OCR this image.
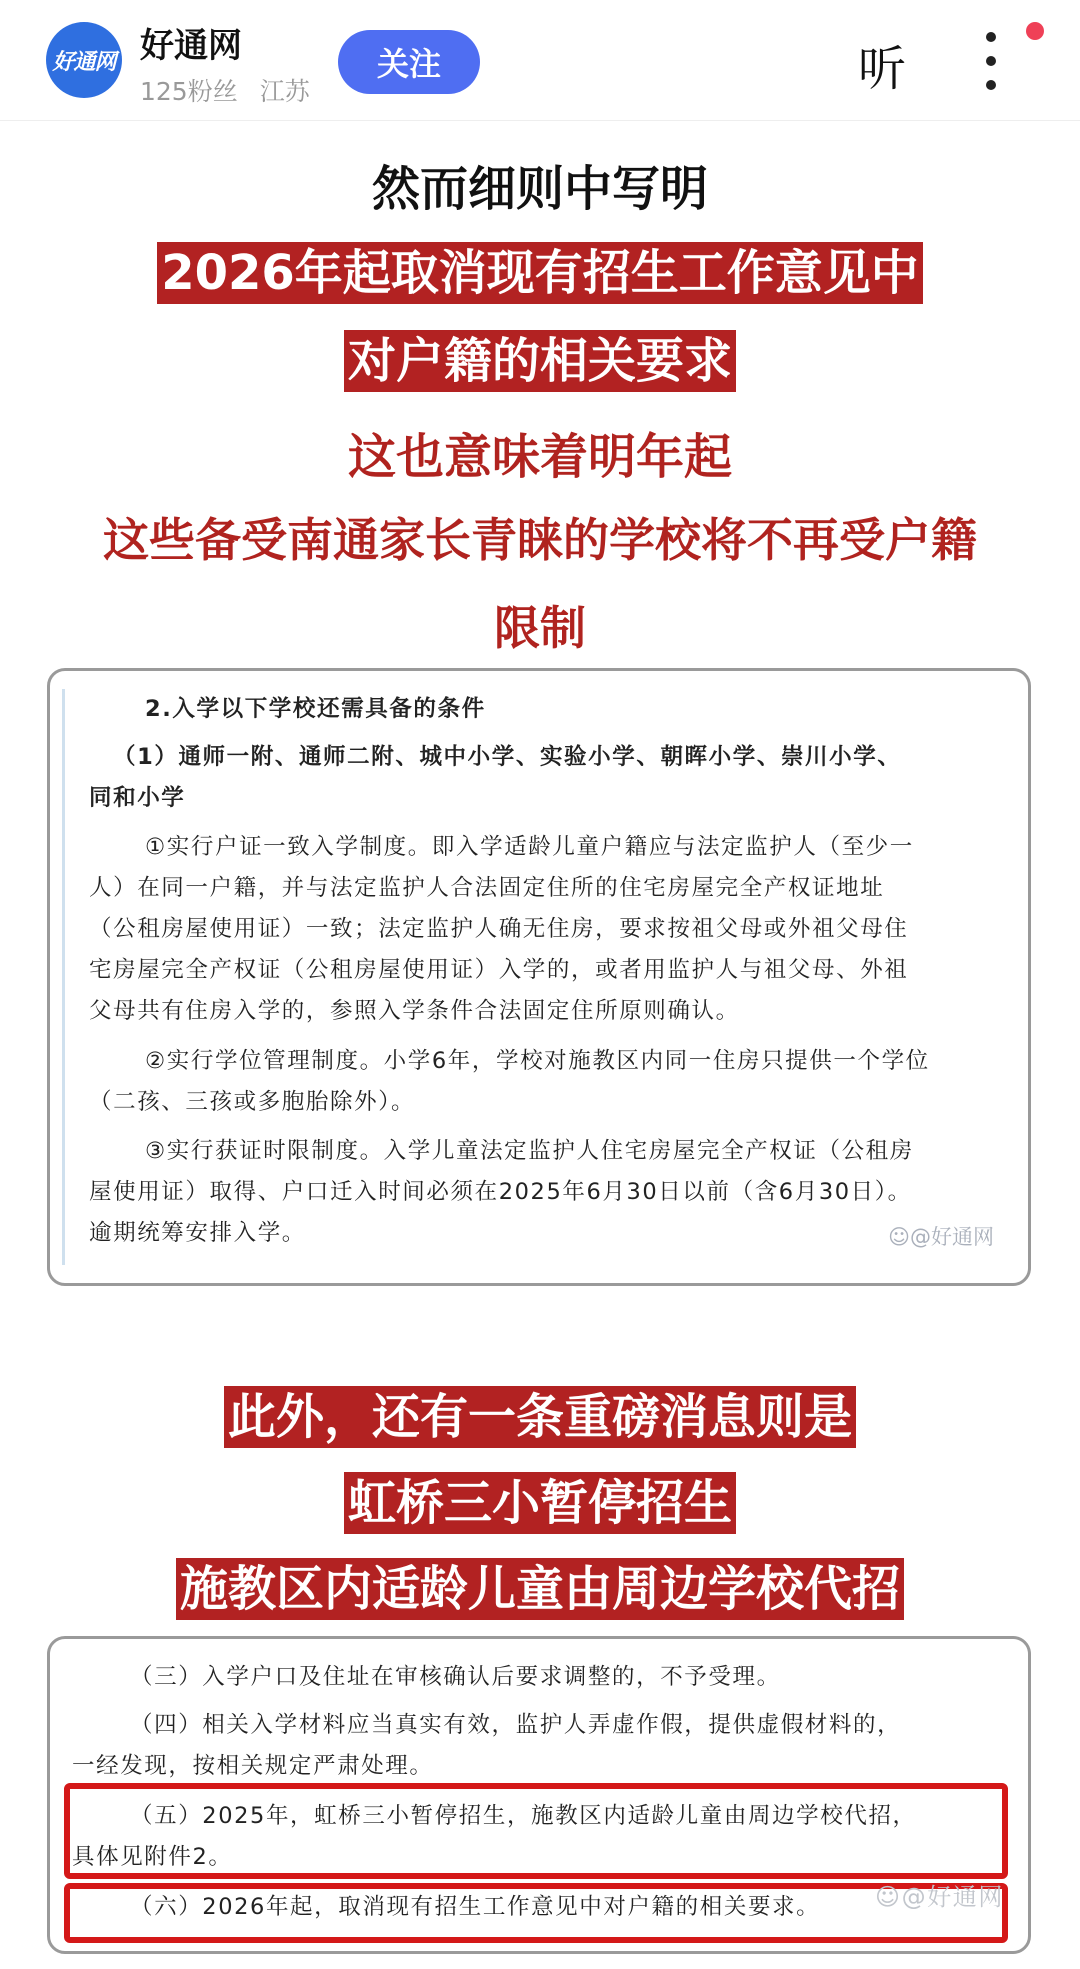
好通网 好通网
125粉丝 江苏
关注	听
然而细则中写明
2026年起取消现有招生工作意见中
对户籍的相关要求
这也意味着明年起
这些备受南通家长青睐的学校将不再受户籍
限制
2.入学以下学校还需具备的条件
（1）通师一附、通师二附、城中小学、实验小学、朝晖小学、崇川小学、
同和小学
①实行户证一致入学制度。即入学适龄儿童户籍应与法定监护人（至少一
人）在同一户籍，并与法定监护人合法固定住所的住宅房屋完全产权证地址
（公租房屋使用证）一致；法定监护人确无住房，要求按祖父母或外祖父母住
宅房屋完全产权证（公租房屋使用证）入学的，或者用监护人与祖父母、外祖
父母共有住房入学的，参照入学条件合法固定住所原则确认。
②实行学位管理制度。小学6年，学校对施教区内同一住房只提供一个学位
（二孩、三孩或多胞胎除外）。
③实行获证时限制度。入学儿童法定监护人住宅房屋完全产权证（公租房
屋使用证）取得、户口迁入时间必须在2025年6月30日以前（含6月30日）。
逾期统筹安排入学。	☺@好通网
此外，还有一条重磅消息则是
虹桥三小暂停招生
施教区内适龄儿童由周边学校代招
（三）入学户口及住址在审核确认后要求调整的，不予受理。
（四）相关入学材料应当真实有效，监护人弄虚作假，提供虚假材料的，
一经发现，按相关规定严肃处理。
（五）2025年，虹桥三小暂停招生，施教区内适龄儿童由周边学校代招，
具体见附件2。
（六）2026年起，取消现有招生工作意见中对户籍的相关要求。	☺@好通网
